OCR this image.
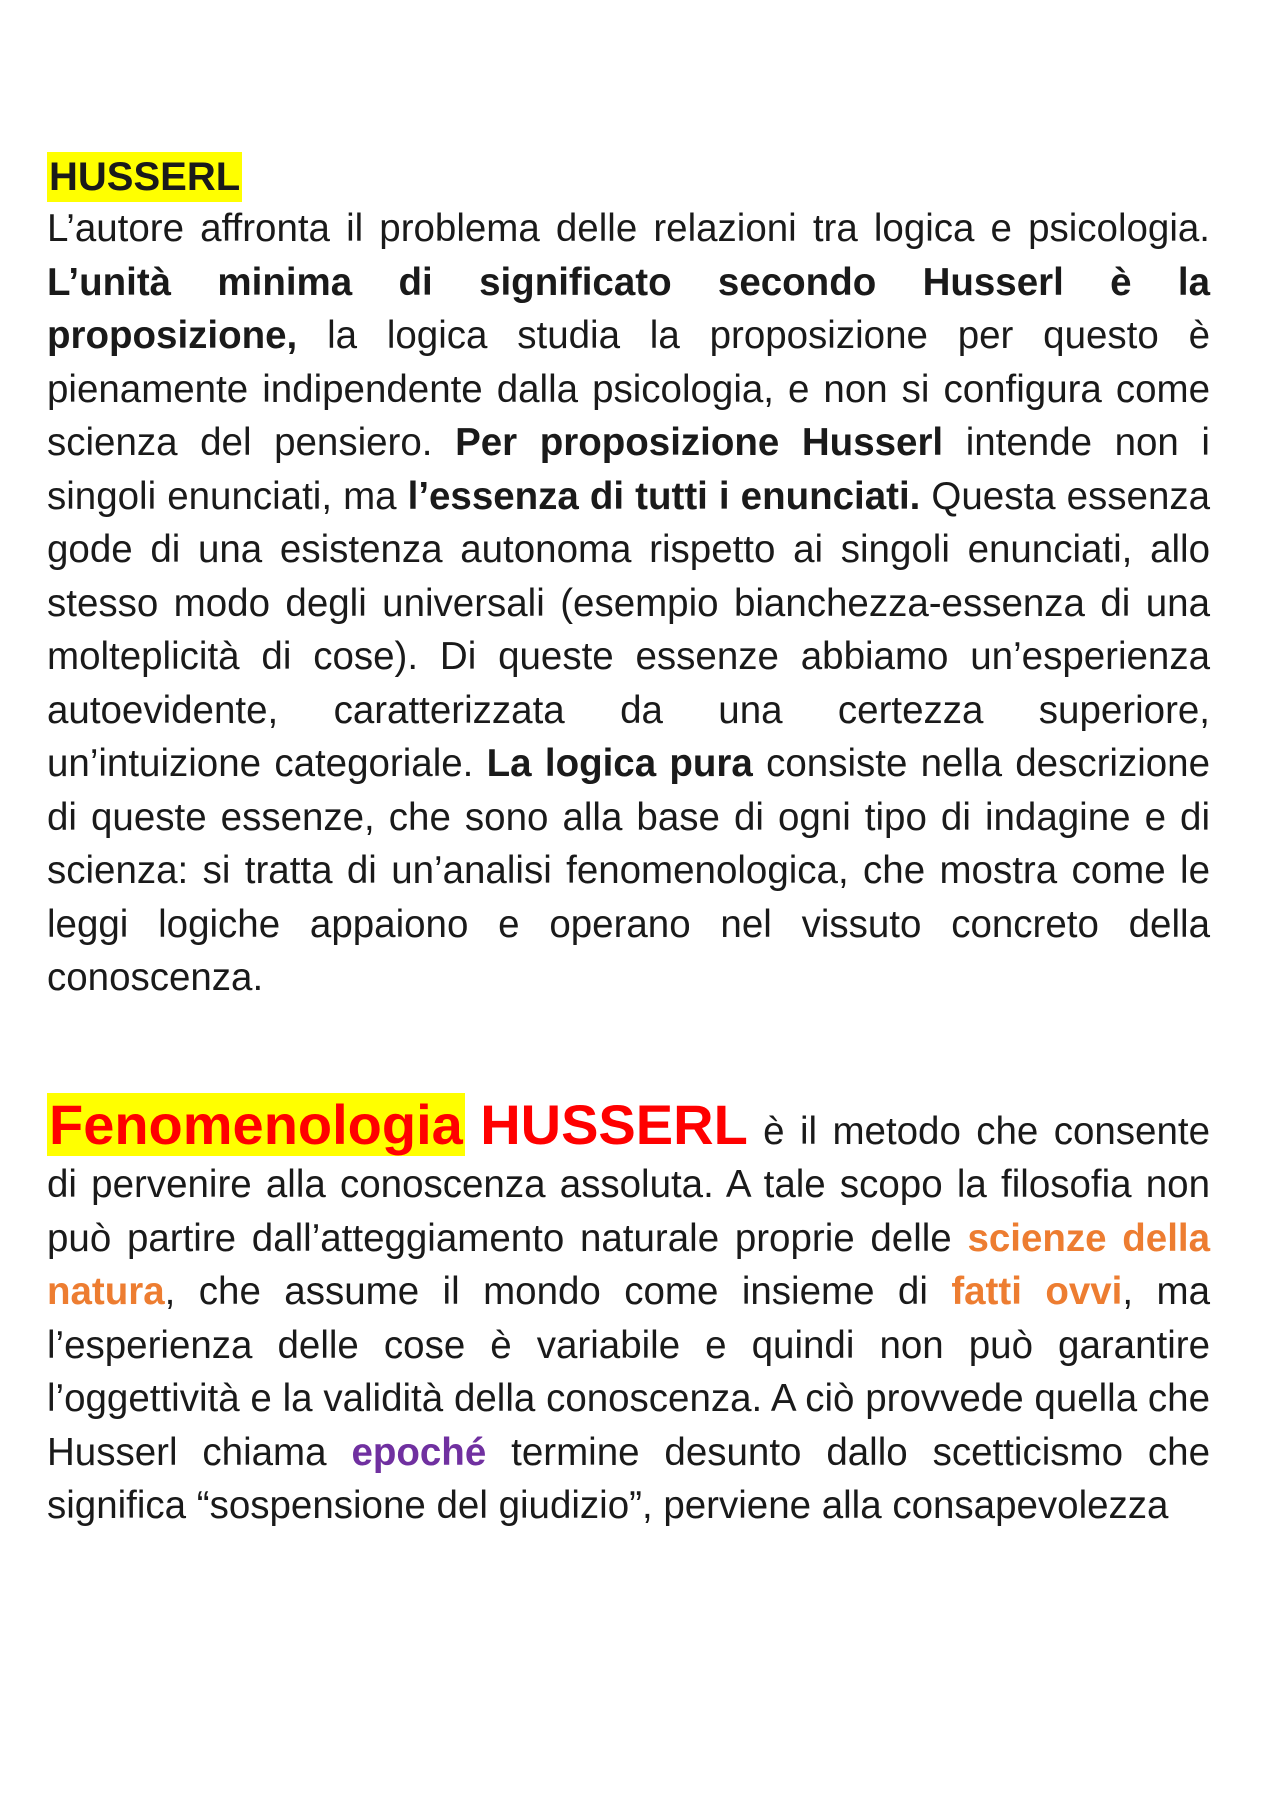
HUSSERL

L’autore affronta il problema delle relazioni tra logica e psicologia. L’unità minima di significato secondo Husserl è la proposizione, la logica studia la proposizione per questo è pienamente indipendente dalla psicologia, e non si configura come scienza del pensiero. Per proposizione Husserl intende non i singoli enunciati, ma l’essenza di tutti i enunciati. Questa essenza gode di una esistenza autonoma rispetto ai singoli enunciati, allo stesso modo degli universali (esempio bianchezza-essenza di una molteplicità di cose). Di queste essenze abbiamo un’esperienza autoevidente, caratterizzata da una certezza superiore, un’intuizione categoriale. La logica pura consiste nella descrizione di queste essenze, che sono alla base di ogni tipo di indagine e di scienza: si tratta di un’analisi fenomenologica, che mostra come le leggi logiche appaiono e operano nel vissuto concreto della conoscenza.

Fenomenologia HUSSERL è il metodo che consente di pervenire alla conoscenza assoluta. A tale scopo la filosofia non può partire dall’atteggiamento naturale proprie delle scienze della natura, che assume il mondo come insieme di fatti ovvi, ma l’esperienza delle cose è variabile e quindi non può garantire l’oggettività e la validità della conoscenza. A ciò provvede quella che Husserl chiama epoché termine desunto dallo scetticismo che significa “sospensione del giudizio”, perviene alla consapevolezza
